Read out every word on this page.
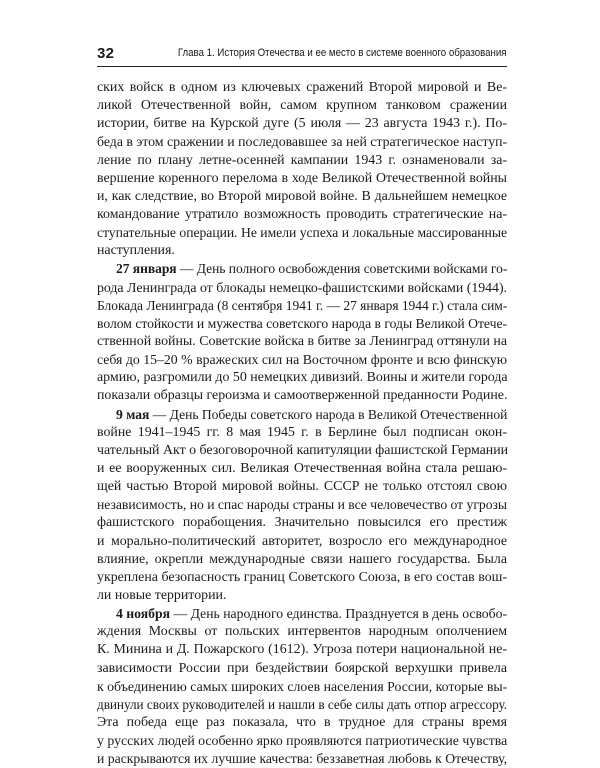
32	Глава 1. История Отечества и ее место в системе военного образования
ских войск в одном из ключевых сражений Второй мировой и Ве-
ликой Отечественной войн, самом крупном танковом сражении
истории, битве на Курской дуге (5 июля — 23 августа 1943 г.). По-
беда в этом сражении и последовавшее за ней стратегическое наступ-
ление по плану летне-осенней кампании 1943 г. ознаменовали за-
вершение коренного перелома в ходе Великой Отечественной войны
и, как следствие, во Второй мировой войне. В дальнейшем немецкое
командование утратило возможность проводить стратегические на-
ступательные операции. Не имели успеха и локальные массированные
наступления.
27 января — День полного освобождения советскими войсками го-
рода Ленинграда от блокады немецко-фашистскими войсками (1944).
Блокада Ленинграда (8 сентября 1941 г. — 27 января 1944 г.) стала сим-
волом стойкости и мужества советского народа в годы Великой Отече-
ственной войны. Советские войска в битве за Ленинград оттянули на
себя до 15–20 % вражеских сил на Восточном фронте и всю финскую
армию, разгромили до 50 немецких дивизий. Воины и жители города
показали образцы героизма и самоотверженной преданности Родине.
9 мая — День Победы советского народа в Великой Отечественной
войне 1941–1945 гг. 8 мая 1945 г. в Берлине был подписан окон-
чательный Акт о безоговорочной капитуляции фашистской Германии
и ее вооруженных сил. Великая Отечественная война стала решаю-
щей частью Второй мировой войны. СССР не только отстоял свою
независимость, но и спас народы страны и все человечество от угрозы
фашистского порабощения. Значительно повысился его престиж
и морально-политический авторитет, возросло его международное
влияние, окрепли международные связи нашего государства. Была
укреплена безопасность границ Советского Союза, в его состав вош-
ли новые территории.
4 ноября — День народного единства. Празднуется в день освобо-
ждения Москвы от польских интервентов народным ополчением
К. Минина и Д. Пожарского (1612). Угроза потери национальной не-
зависимости России при бездействии боярской верхушки привела
к объединению самых широких слоев населения России, которые вы-
двинули своих руководителей и нашли в себе силы дать отпор агрессору.
Эта победа еще раз показала, что в трудное для страны время
у русских людей особенно ярко проявляются патриотические чувства
и раскрываются их лучшие качества: беззаветная любовь к Отечеству,
